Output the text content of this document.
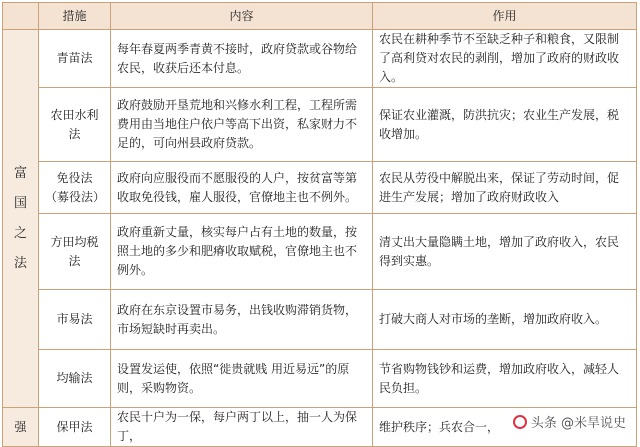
	措施	内容	作用

富
国
之
法	青苗法	每年春夏两季青黄不接时，政府贷款或谷物给农民，收获后还本付息。	农民在耕种季节不至缺乏种子和粮食，又限制了高利贷对农民的剥削，增加了政府的财政收入。
	农田水利法	政府鼓励开垦荒地和兴修水利工程，工程所需费用由当地住户依户等高下出资，私家财力不足的，可向州县政府贷款。	保证农业灌溉，防洪抗灾；农业生产发展，税收增加。
	免役法（募役法）	政府向应服役而不愿服役的人户，按贫富等第收取免役钱，雇人服役，官僚地主也不例外。	农民从劳役中解脱出来，保证了劳动时间，促进生产发展；增加了政府财政收入
	方田均税法	政府重新丈量，核实每户占有土地的数量，按照土地的多少和肥瘠收取赋税，官僚地主也不例外。	清丈出大量隐瞒土地，增加了政府收入，农民得到实惠。
	市易法	政府在东京设置市易务，出钱收购滞销货物，市场短缺时再卖出。	打破大商人对市场的垄断，增加政府收入。
	均输法	设置发运使，依照“徙贵就贱 用近易远”的原则，采购物资。	节省购物钱钞和运费，增加政府收入，减轻人民负担。
强	保甲法	农民十户为一保，每户两丁以上，抽一人为保丁，	维护秩序；兵农合一， 头条 @米旱说史
